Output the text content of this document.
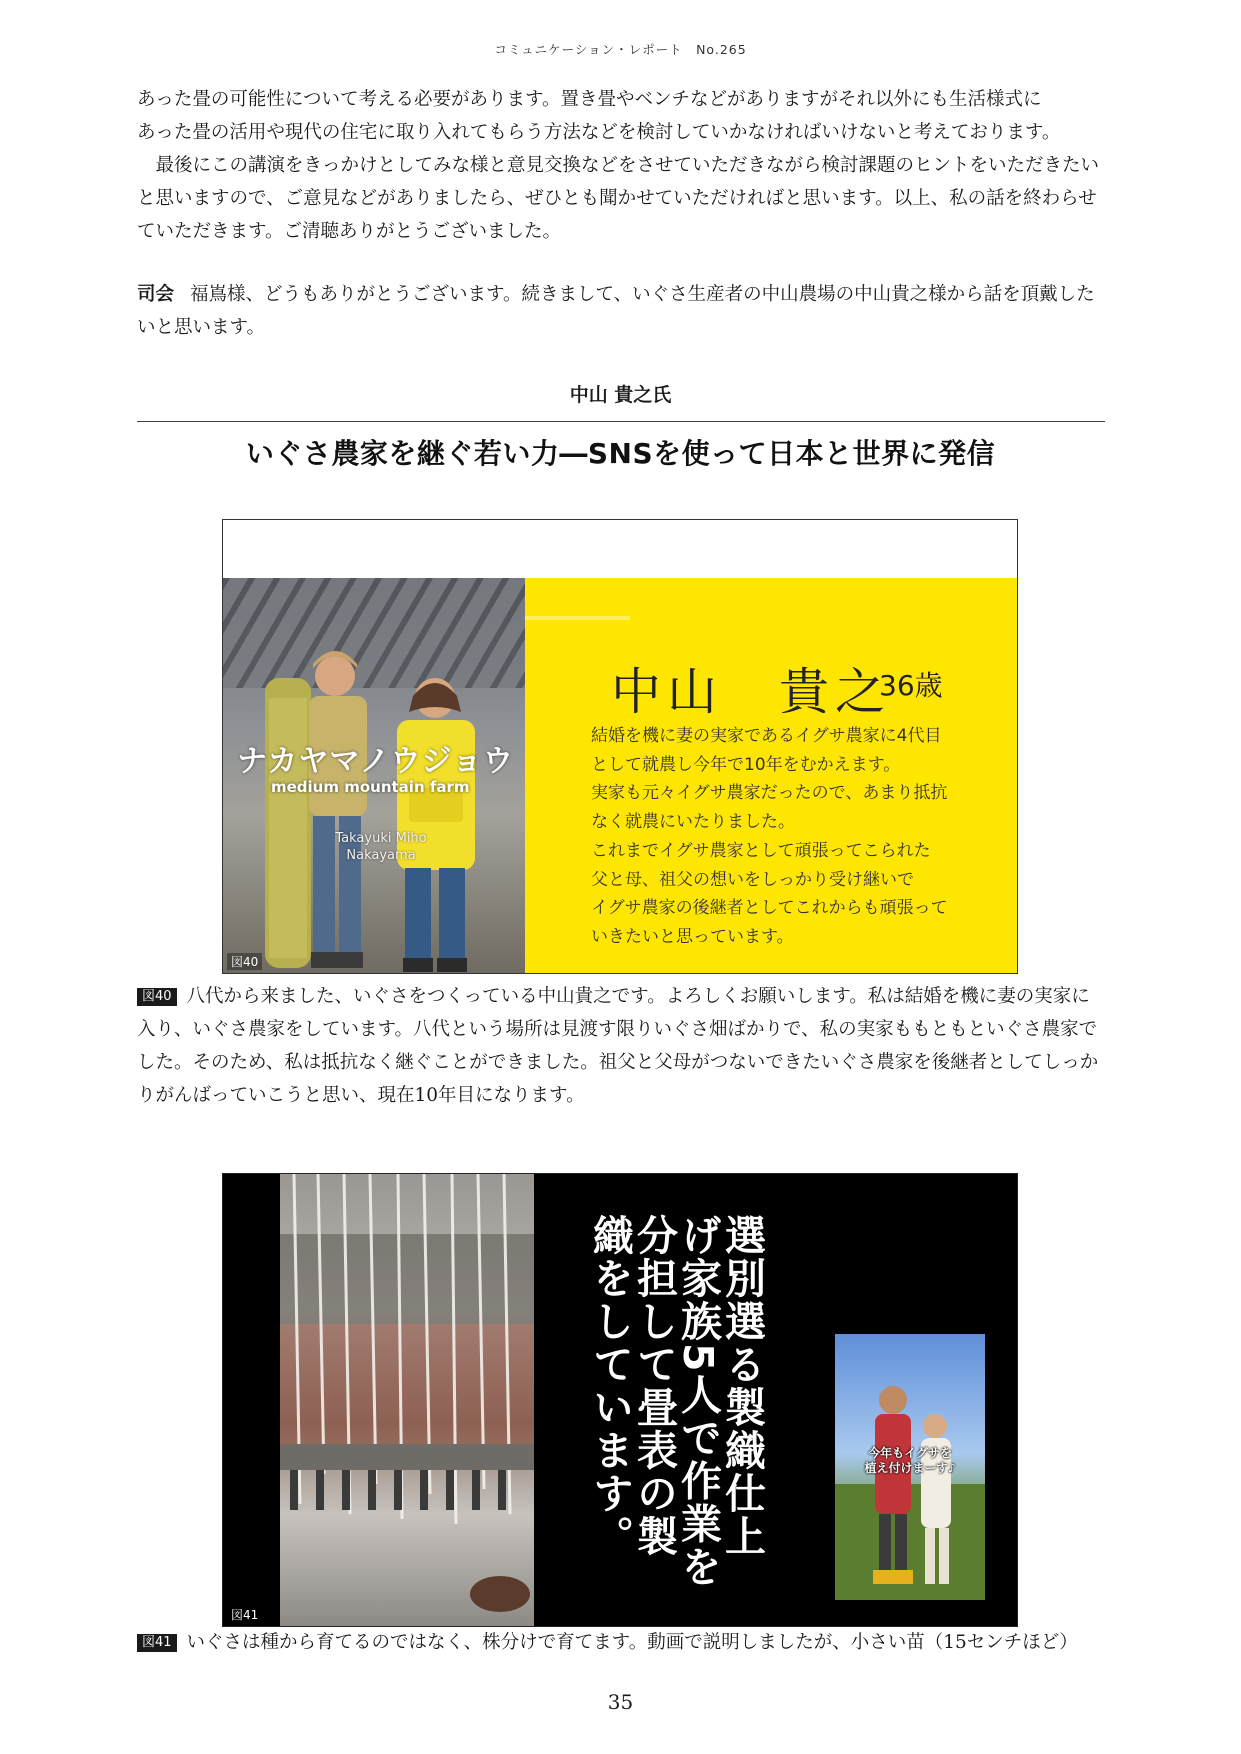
コミュニケーション・レポート　No.265

あった畳の可能性について考える必要があります。置き畳やベンチなどがありますがそれ以外にも生活様式に

あった畳の活用や現代の住宅に取り入れてもらう方法などを検討していかなければいけないと考えております。

最後にこの講演をきっかけとしてみな様と意見交換などをさせていただきながら検討課題のヒントをいただきたいと思いますので、ご意見などがありましたら、ぜひとも聞かせていただければと思います。以上、私の話を終わらせていただきます。ご清聴ありがとうございました。

司会 福嶌様、どうもありがとうございます。続きまして、いぐさ生産者の中山農場の中山貴之様から話を頂戴したいと思います。
中山 貴之氏
いぐさ農家を継ぐ若い力―SNSを使って日本と世界に発信
ナカヤマノウジョウ
medium mountain farm
Takayuki Miho
Nakayama
中山　貴之
36歳
結婚を機に妻の実家であるイグサ農家に4代目
として就農し今年で10年をむかえます。
実家も元々イグサ農家だったので、あまり抵抗
なく就農にいたりました。
これまでイグサ農家として頑張ってこられた
父と母、祖父の想いをしっかり受け継いで
イグサ農家の後継者としてこれからも頑張って
いきたいと思っています。
図40
図40 八代から来ました、いぐさをつくっている中山貴之です。よろしくお願いします。私は結婚を機に妻の実家に入り、いぐさ農家をしています。八代という場所は見渡す限りいぐさ畑ばかりで、私の実家ももともといぐさ農家でした。そのため、私は抵抗なく継ぐことができました。祖父と父母がつないできたいぐさ農家を後継者としてしっかりがんばっていこうと思い、現在10年目になります。
選別選る製織仕上げ家族5人で作業を分担して畳表の製織をしています。	今年もイグサを
植え付けまーす♪
図41
図41 いぐさは種から育てるのではなく、株分けで育てます。動画で説明しましたが、小さい苗（15センチほど）
35
